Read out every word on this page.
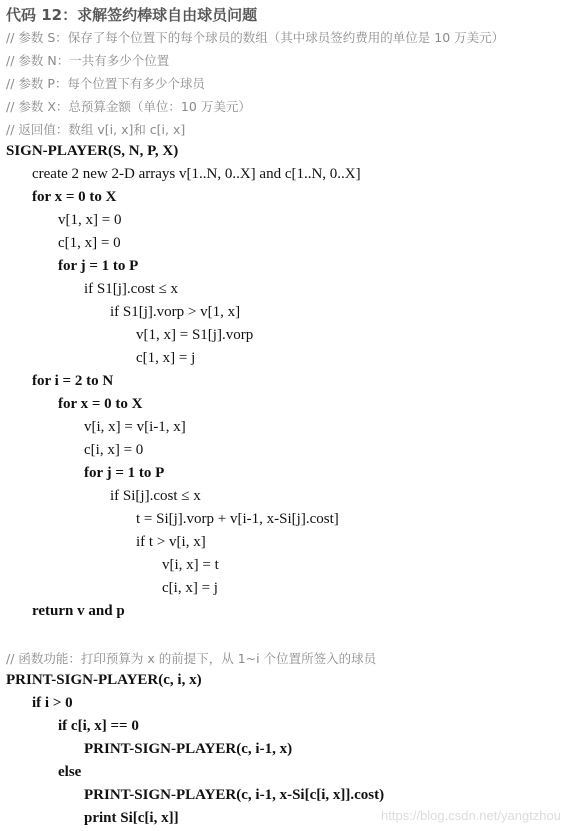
代码 12：求解签约棒球自由球员问题
// 参数 S：保存了每个位置下的每个球员的数组（其中球员签约费用的单位是 10 万美元）
// 参数 N：一共有多少个位置
// 参数 P：每个位置下有多少个球员
// 参数 X：总预算金额（单位：10 万美元）
// 返回值：数组 v[i, x]和 c[i, x]
SIGN-PLAYER(S, N, P, X)
create 2 new 2-D arrays v[1..N, 0..X] and c[1..N, 0..X]
for x = 0 to X
v[1, x] = 0
c[1, x] = 0
for j = 1 to P
if S1[j].cost ≤ x
if S1[j].vorp > v[1, x]
v[1, x] = S1[j].vorp
c[1, x] = j
for i = 2 to N
for x = 0 to X
v[i, x] = v[i-1, x]
c[i, x] = 0
for j = 1 to P
if Si[j].cost ≤ x
t = Si[j].vorp + v[i-1, x-Si[j].cost]
if t > v[i, x]
v[i, x] = t
c[i, x] = j
return v and p
// 函数功能：打印预算为 x 的前提下，从 1~i 个位置所签入的球员
PRINT-SIGN-PLAYER(c, i, x)
if i > 0
if c[i, x] == 0
PRINT-SIGN-PLAYER(c, i-1, x)
else
PRINT-SIGN-PLAYER(c, i-1, x-Si[c[i, x]].cost)
print Si[c[i, x]]	https://blog.csdn.net/yangtzhou
